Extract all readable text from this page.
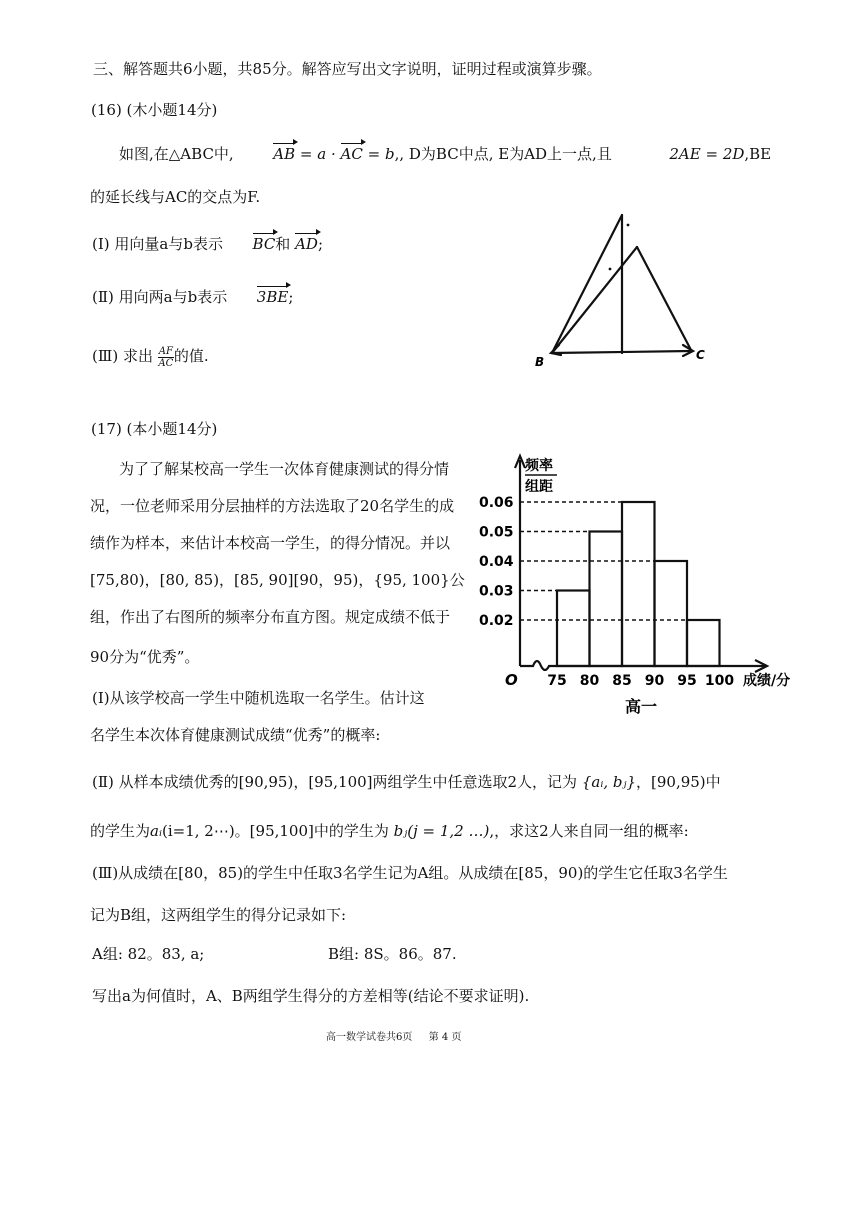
三、解答题共6小题，共85分。解答应写出文字说明，证明过程或演算步骤。
(16) (木小题14分)
如图,在△ABC中,	AB = a · AC = b,, D为BC中点, E为AD上一点,且	2AE = 2D,BE
的延长线与AC的交点为F.
(Ⅰ) 用向量a与b表示 BC和 AD;
(Ⅱ) 用向两a与b表示 3BE;
(Ⅲ) 求出 $\frac{AF}{AC}$的值.	B	C
(17) (本小题14分)
为了了解某校高一学生一次体育健康测试的得分情
况，一位老师采用分层抽样的方法选取了20名学生的成
绩作为样本，来估计本校高一学生，的得分情况。并以
[75,80)，[80, 85)，[85, 90][90，95)，{95, 100}公
组，作出了右图所的频率分布直方图。规定成绩不低于
90分为“优秀”。
(Ⅰ)从该学校高一学生中随机选取一名学生。估计这
名学生本次体育健康测试成绩“优秀”的概率:
(Ⅱ) 从样本成绩优秀的[90,95)，[95,100]两组学生中任意选取2人，记为 {aᵢ, bⱼ}，[90,95)中
的学生为aᵢ(i=1, 2⋯)。[95,100]中的学生为 bⱼ(j = 1,2 …),，求这2人来自同一组的概率:
(Ⅲ)从成绩在[80，85)的学生中任取3名学生记为A组。从成绩在[85，90)的学生它任取3名学生
记为B组，这两组学生的得分记录如下:
A组: 82。83, a;	B组: 8S。86。87.
写出a为何值时，A、B两组学生得分的方差相等(结论不要求证明).
高一数学试卷共6页 第 4 页
0.02
0.03
0.04
0.05
0.06
75 80 85 90 95 100
O
频率
组距
成绩/分
高一
